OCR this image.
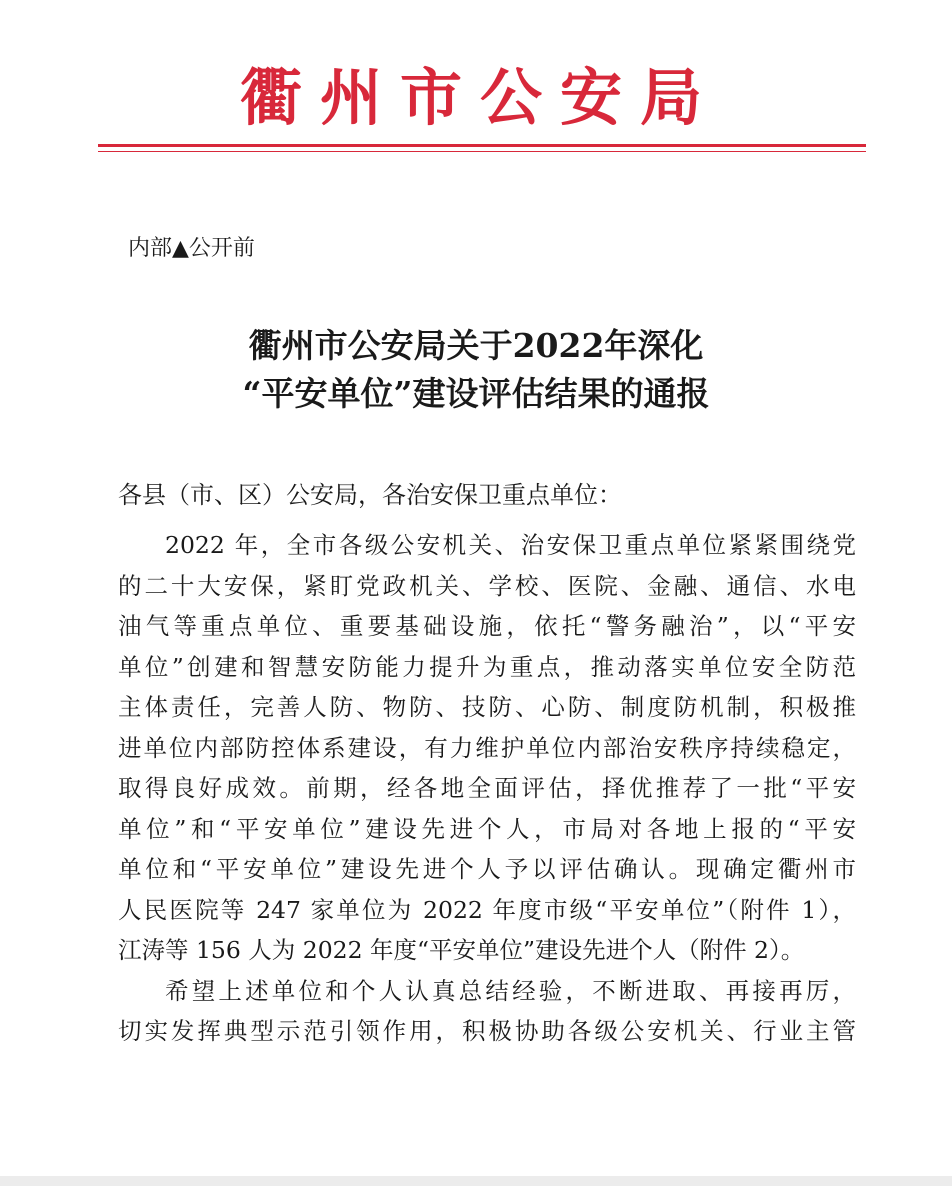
衢州市公安局
内部▲公开前
衢州市公安局关于2022年深化
“平安单位”建设评估结果的通报
各县（市、区）公安局，各治安保卫重点单位：
2022 年，全市各级公安机关、治安保卫重点单位紧紧围绕党
的二十大安保，紧盯党政机关、学校、医院、金融、通信、水电
油气等重点单位、重要基础设施，依托“警务融治”，以“平安
单位”创建和智慧安防能力提升为重点，推动落实单位安全防范
主体责任，完善人防、物防、技防、心防、制度防机制，积极推
进单位内部防控体系建设，有力维护单位内部治安秩序持续稳定，
取得良好成效。前期，经各地全面评估，择优推荐了一批“平安
单位”和“平安单位”建设先进个人，市局对各地上报的“平安
单位和“平安单位”建设先进个人予以评估确认。现确定衢州市
人民医院等 247 家单位为 2022 年度市级“平安单位”（附件 1），
江涛等 156 人为 2022 年度“平安单位”建设先进个人（附件 2）。
希望上述单位和个人认真总结经验，不断进取、再接再厉，
切实发挥典型示范引领作用，积极协助各级公安机关、行业主管
